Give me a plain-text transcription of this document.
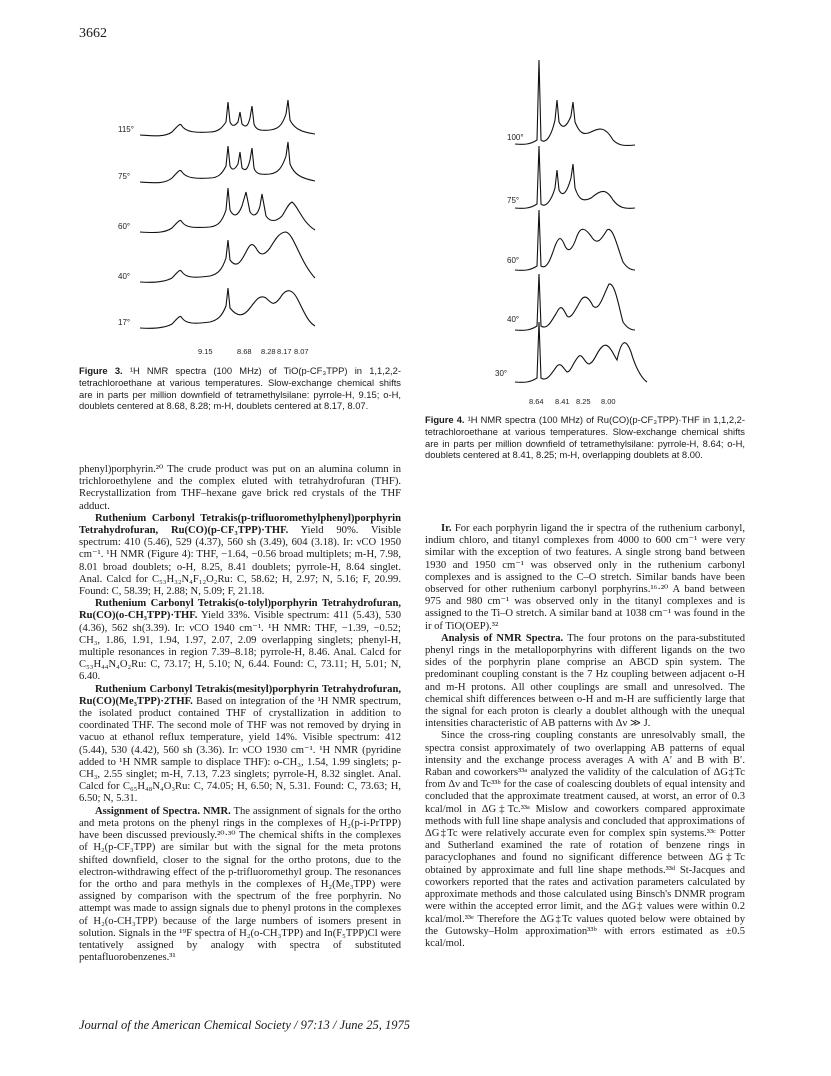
3662
115°
75°
60°
40°
17°
9.15	8.68 8.28 8.17 8.07
Figure 3. ¹H NMR spectra (100 MHz) of TiO(p-CF₃TPP) in 1,1,2,2-tetrachloroethane at various temperatures. Slow-exchange chemical shifts are in parts per million downfield of tetramethylsilane: pyrrole-H, 9.15; o-H, doublets centered at 8.68, 8.28; m-H, doublets centered at 8.17, 8.07.
100°
75°
60°
40°
30°
8.64 8.41 8.25 8.00
Figure 4. ¹H NMR spectra (100 MHz) of Ru(CO)(p-CF₃TPP)·THF in 1,1,2,2-tetrachloroethane at various temperatures. Slow-exchange chemical shifts are in parts per million downfield of tetramethylsilane: pyrrole-H, 8.64; o-H, doublets centered at 8.41, 8.25; m-H, overlapping doublets at 8.00.

phenyl)porphyrin.²⁰ The crude product was put on an alumina column in trichloroethylene and the complex eluted with tetrahydrofuran (THF). Recrystallization from THF–hexane gave brick red crystals of the THF adduct.

Ruthenium Carbonyl Tetrakis(p-trifluoromethylphenyl)porphyrin Tetrahydrofuran, Ru(CO)(p-CF₃TPP)·THF. Yield 90%. Visible spectrum: 410 (5.46), 529 (4.37), 560 sh (3.49), 604 (3.18). Ir: νCO 1950 cm⁻¹. ¹H NMR (Figure 4): THF, −1.64, −0.56 broad multiplets; m-H, 7.98, 8.01 broad doublets; o-H, 8.25, 8.41 doublets; pyrrole-H, 8.64 singlet. Anal. Calcd for C₅₃H₃₂N₄F₁₂O₂Ru: C, 58.62; H, 2.97; N, 5.16; F, 20.99. Found: C, 58.39; H, 2.88; N, 5.09; F, 21.18.

Ruthenium Carbonyl Tetrakis(o-tolyl)porphyrin Tetrahydrofuran, Ru(CO)(o-CH₃TPP)·THF. Yield 33%. Visible spectrum: 411 (5.43), 530 (4.36), 562 sh(3.39). Ir: νCO 1940 cm⁻¹. ¹H NMR: THF, −1.39, −0.52; CH₃, 1.86, 1.91, 1.94, 1.97, 2.07, 2.09 overlapping singlets; phenyl-H, multiple resonances in region 7.39–8.18; pyrrole-H, 8.46. Anal. Calcd for C₅₃H₄₄N₄O₂Ru: C, 73.17; H, 5.10; N, 6.44. Found: C, 73.11; H, 5.01; N, 6.40.

Ruthenium Carbonyl Tetrakis(mesityl)porphyrin Tetrahydrofuran, Ru(CO)(Me₃TPP)·2THF. Based on integration of the ¹H NMR spectrum, the isolated product contained THF of crystallization in addition to coordinated THF. The second mole of THF was not removed by drying in vacuo at ethanol reflux temperature, yield 14%. Visible spectrum: 412 (5.44), 530 (4.42), 560 sh (3.36). Ir: νCO 1930 cm⁻¹. ¹H NMR (pyridine added to ¹H NMR sample to displace THF): o-CH₃, 1.54, 1.99 singlets; p-CH₃, 2.55 singlet; m-H, 7.13, 7.23 singlets; pyrrole-H, 8.32 singlet. Anal. Calcd for C₆₅H₄₈N₄O₃Ru: C, 74.05; H, 6.50; N, 5.31. Found: C, 73.63; H, 6.50; N, 5.31.

Assignment of Spectra. NMR. The assignment of signals for the ortho and meta protons on the phenyl rings in the complexes of H₂(p-i-PrTPP) have been discussed previously.²⁰·³⁰ The chemical shifts in the complexes of H₂(p-CF₃TPP) are similar but with the signal for the meta protons shifted downfield, closer to the signal for the ortho protons, due to the electron-withdrawing effect of the p-trifluoromethyl group. The resonances for the ortho and para methyls in the complexes of H₂(Me₃TPP) were assigned by comparison with the spectrum of the free porphyrin. No attempt was made to assign signals due to phenyl protons in the complexes of H₂(o-CH₃TPP) because of the large numbers of isomers present in solution. Signals in the ¹⁹F spectra of H₂(o-CH₃TPP) and In(F₅TPP)Cl were tentatively assigned by analogy with spectra of substituted pentafluorobenzenes.³¹

Ir. For each porphyrin ligand the ir spectra of the ruthenium carbonyl, indium chloro, and titanyl complexes from 4000 to 600 cm⁻¹ were very similar with the exception of two features. A single strong band between 1930 and 1950 cm⁻¹ was observed only in the ruthenium carbonyl complexes and is assigned to the C–O stretch. Similar bands have been observed for other ruthenium carbonyl porphyrins.¹⁶·²⁰ A band between 975 and 980 cm⁻¹ was observed only in the titanyl complexes and is assigned to the Ti–O stretch. A similar band at 1038 cm⁻¹ was found in the ir of TiO(OEP).³²

Analysis of NMR Spectra. The four protons on the para-substituted phenyl rings in the metalloporphyrins with different ligands on the two sides of the porphyrin plane comprise an ABCD spin system. The predominant coupling constant is the 7 Hz coupling between adjacent o-H and m-H protons. All other couplings are small and unresolved. The chemical shift differences between o-H and m-H are sufficiently large that the signal for each proton is clearly a doublet although with the unequal intensities characteristic of AB patterns with Δν ≫ J.

Since the cross-ring coupling constants are unresolvably small, the spectra consist approximately of two overlapping AB patterns of equal intensity and the exchange process averages A with A′ and B with B′. Raban and coworkers³³ᵃ analyzed the validity of the calculation of ΔG‡Tc from Δν and Tc³³ᵇ for the case of coalescing doublets of equal intensity and concluded that the approximate treatment caused, at worst, an error of 0.3 kcal/mol in ΔG‡Tc.³³ᵃ Mislow and coworkers compared approximate methods with full line shape analysis and concluded that approximations of ΔG‡Tc were relatively accurate even for complex spin systems.³³ᶜ Potter and Sutherland examined the rate of rotation of benzene rings in paracyclophanes and found no significant difference between ΔG‡Tc obtained by approximate and full line shape methods.³³ᵈ St-Jacques and coworkers reported that the rates and activation parameters calculated by approximate methods and those calculated using Binsch's DNMR program were within the accepted error limit, and the ΔG‡ values were within 0.2 kcal/mol.³³ᵉ Therefore the ΔG‡Tc values quoted below were obtained by the Gutowsky–Holm approximation³³ᵇ with errors estimated as ±0.5 kcal/mol.

Journal of the American Chemical Society / 97:13 / June 25, 1975
